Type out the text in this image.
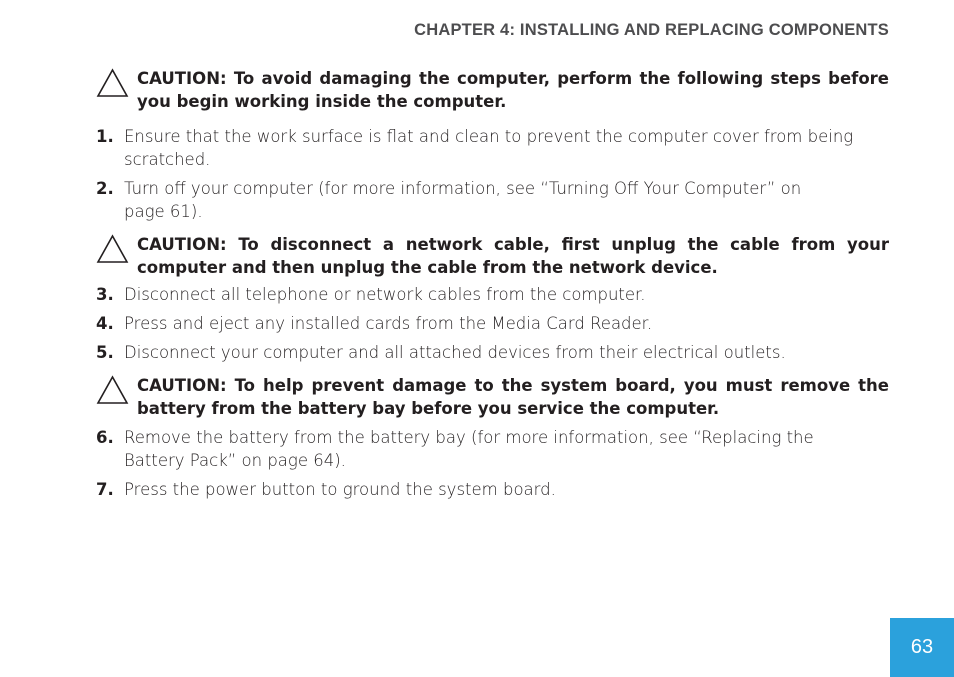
CHAPTER 4: INSTALLING AND REPLACING COMPONENTS
CAUTION: To avoid damaging the computer, perform the following steps before you begin working inside the computer.
1. Ensure that the work surface is flat and clean to prevent the computer cover from being scratched.
2. Turn off your computer (for more information, see “Turning Off Your Computer” on page 61).
CAUTION: To disconnect a network cable, first unplug the cable from your computer and then unplug the cable from the network device.
3. Disconnect all telephone or network cables from the computer.
4. Press and eject any installed cards from the Media Card Reader.
5. Disconnect your computer and all attached devices from their electrical outlets.
CAUTION: To help prevent damage to the system board, you must remove the battery from the battery bay before you service the computer.
6. Remove the battery from the battery bay (for more information, see “Replacing the Battery Pack” on page 64).
7. Press the power button to ground the system board.
63
